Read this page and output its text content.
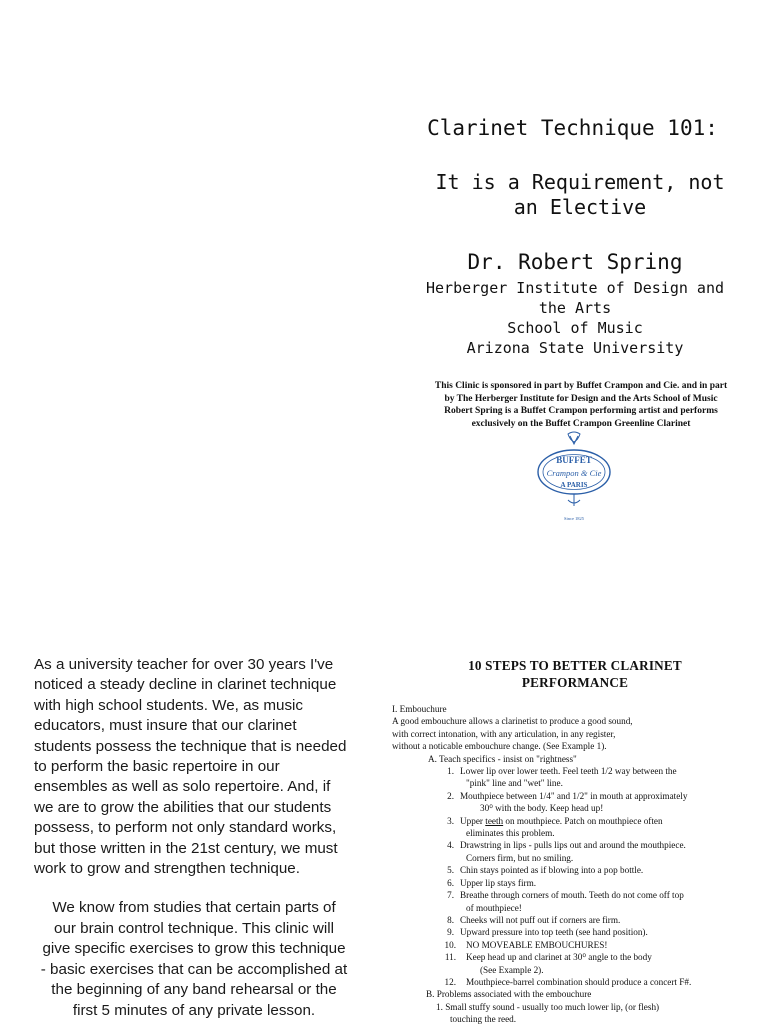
Clarinet Technique 101:
It is a Requirement, not
an Elective
Dr. Robert Spring
Herberger Institute of Design and
the Arts
School of Music
Arizona State University
This Clinic is sponsored in part by Buffet Crampon and Cie. and in part
by The Herberger Institute for Design and the Arts School of Music
Robert Spring is a Buffet Crampon performing artist and performs
exclusively on the Buffet Crampon Greenline Clarinet
BUFFET
Crampon & Cie
A PARIS
Since 1825
As a university teacher for over 30 years I've
noticed a steady decline in clarinet technique
with high school students. We, as music
educators, must insure that our clarinet
students possess the technique that is needed
to perform the basic repertoire in our
ensembles as well as solo repertoire. And, if
we are to grow the abilities that our students
possess, to perform not only standard works,
but those written in the 21st century, we must
work to grow and strengthen technique.
We know from studies that certain parts of
our brain control technique. This clinic will
give specific exercises to grow this technique
- basic exercises that can be accomplished at
the beginning of any band rehearsal or the
first 5 minutes of any private lesson.
10 STEPS TO BETTER CLARINET
PERFORMANCE
I. Embouchure
A good embouchure allows a clarinetist to produce a good sound,
with correct intonation, with any articulation, in any register,
without a noticable embouchure change. (See Example 1).
A. Teach specifics - insist on "rightness"
1. Lower lip over lower teeth. Feel teeth 1/2 way between the
"pink" line and "wet" line.
2. Mouthpiece between 1/4" and 1/2" in mouth at approximately
30⁰ with the body. Keep head up!
3. Upper teeth on mouthpiece. Patch on mouthpiece often
eliminates this problem.
4. Drawstring in lips - pulls lips out and around the mouthpiece.
Corners firm, but no smiling.
5. Chin stays pointed as if blowing into a pop bottle.
6. Upper lip stays firm.
7. Breathe through corners of mouth. Teeth do not come off top
of mouthpiece!
8. Cheeks will not puff out if corners are firm.
9. Upward pressure into top teeth (see hand position).
10. NO MOVEABLE EMBOUCHURES!
11. Keep head up and clarinet at 30⁰ angle to the body
(See Example 2).
12. Mouthpiece-barrel combination should produce a concert F#.
B. Problems associated with the embouchure
1. Small stuffy sound - usually too much lower lip, (or flesh)
touching the reed.
